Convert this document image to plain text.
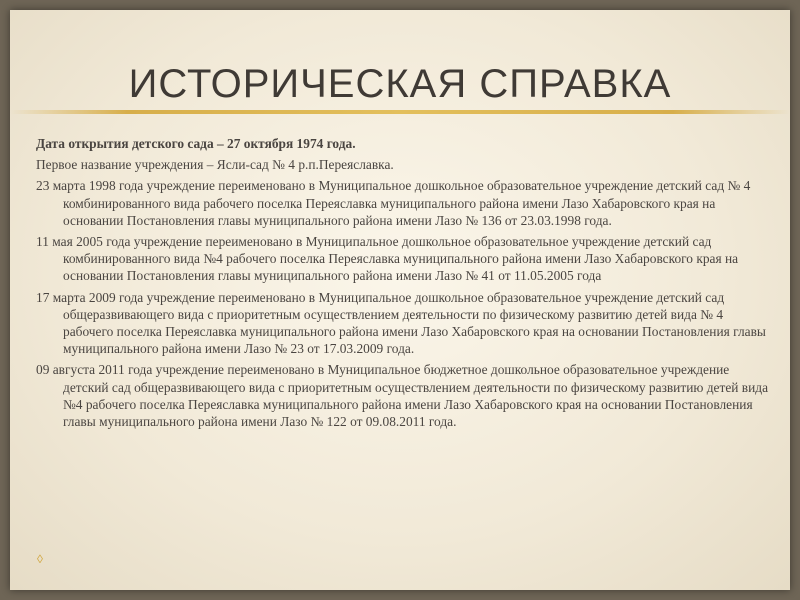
ИСТОРИЧЕСКАЯ СПРАВКА

Дата открытия детского сада – 27 октября 1974 года.

Первое название учреждения – Ясли-сад № 4 р.п.Переяславка.

23 марта 1998 года учреждение переименовано в Муниципальное дошкольное образовательное учреждение детский сад № 4 комбинированного вида рабочего поселка Переяславка муниципального района имени Лазо Хабаровского края на основании Постановления главы муниципального района имени Лазо № 136 от 23.03.1998 года.

11 мая 2005 года учреждение переименовано в Муниципальное дошкольное образовательное учреждение детский сад комбинированного вида №4 рабочего поселка Переяславка муниципального района имени Лазо Хабаровского края на основании Постановления главы муниципального района имени Лазо № 41 от 11.05.2005 года

17 марта 2009 года учреждение переименовано в Муниципальное дошкольное образовательное учреждение детский сад общеразвивающего вида с приоритетным осуществлением деятельности по физическому развитию детей вида № 4 рабочего поселка Переяславка муниципального района имени Лазо Хабаровского края на основании Постановления главы муниципального района имени Лазо № 23 от 17.03.2009 года.

09 августа 2011 года учреждение переименовано в Муниципальное бюджетное дошкольное образовательное учреждение детский сад общеразвивающего вида с приоритетным осуществлением деятельности по физическому развитию детей вида №4 рабочего поселка Переяславка муниципального района имени Лазо Хабаровского края на основании Постановления главы муниципального района имени Лазо № 122 от 09.08.2011 года.

◊
